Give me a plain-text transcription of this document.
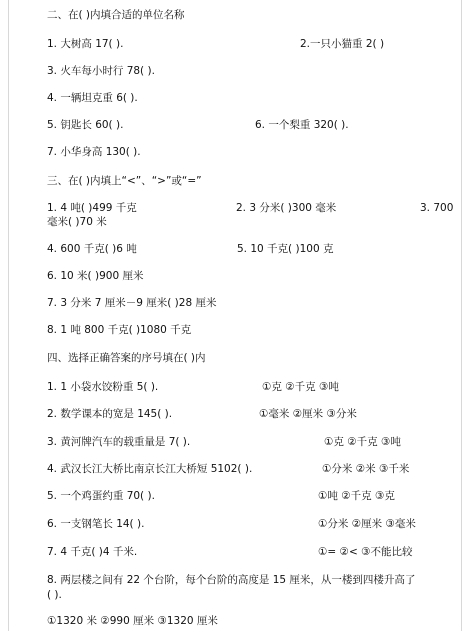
二、在( )内填合适的单位名称
1. 大树高 17( ).	2.一只小猫重 2( )
3. 火车每小时行 78( ).
4. 一辆坦克重 6( ).
5. 钥匙长 60( ).	6. 一个梨重 320( ).
7. 小华身高 130( ).
三、在( )内填上“<”、“>”或“=”
1. 4 吨( )499 千克	2. 3 分米( )300 毫米	3. 700
毫米( )70 米
4. 600 千克( )6 吨	5. 10 千克( )100 克
6. 10 米( )900 厘米
7. 3 分米 7 厘米－9 厘米( )28 厘米
8. 1 吨 800 千克( )1080 千克
四、选择正确答案的序号填在( )内
1. 1 小袋水饺粉重 5( ).	①克 ②千克 ③吨
2. 数学课本的宽是 145( ).	①毫米 ②厘米 ③分米
3. 黄河牌汽车的载重量是 7( ).	①克 ②千克 ③吨
4. 武汉长江大桥比南京长江大桥短 5102( ).	①分米 ②米 ③千米
5. 一个鸡蛋约重 70( ).	①吨 ②千克 ③克
6. 一支钢笔长 14( ).	①分米 ②厘米 ③毫米
7. 4 千克( )4 千米.	①= ②< ③不能比较
8. 两层楼之间有 22 个台阶，每个台阶的高度是 15 厘米，从一楼到四楼升高了
( ).
①1320 米 ②990 厘米 ③1320 厘米
